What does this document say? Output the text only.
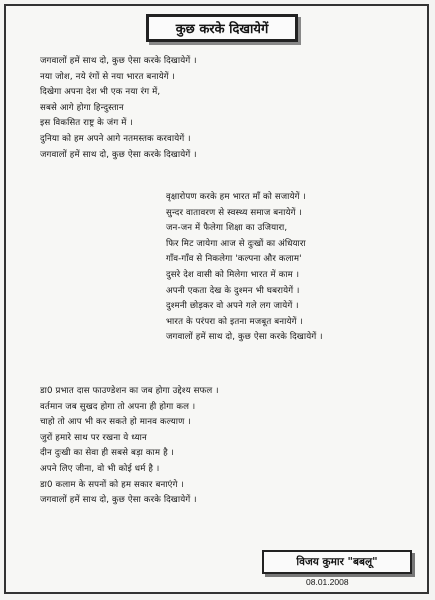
कुछ करके दिखायेगें
जगवालों हमें साथ दो, कुछ ऐसा करके दिखायेगें ।
नया जोश, नये रंगों से नया भारत बनायेगें ।
दिखेगा अपना देश भी एक नया रंग में,
सबसे आगे होगा हिन्दुस्तान
इस विकसित राष्ट्र के जंग में ।
दुनिया को हम अपने आगे नतमस्तक करवायेगें ।
जगवालों हमें साथ दो, कुछ ऐसा करके दिखायेगें ।
वृक्षारोपण करके हम भारत माँ को सजायेगें ।
सुन्दर वातावरण से स्वस्थ्य समाज बनायेगें ।
जन-जन में फैलेगा शिक्षा का उजियारा,
फिर मिट जायेगा आज से दुःखों का अंधियारा
गाँव-गाँव से निकलेगा 'कल्पना और कलाम'
दुसरे देश वासी को मिलेगा भारत में काम ।
अपनी एकता देख के दुश्मन भी घबरायेगें ।
दुश्मनी छोड़कर वो अपने गले लग जायेगें ।
भारत के परंपरा को इतना मजबूत बनायेगें ।
जगवालों हमें साथ दो, कुछ ऐसा करके दिखायेगें ।
डा0 प्रभात दास फाउण्डेशन का जब होगा उद्देश्य सफल ।
वर्तमान जब सुखद होगा तो अपना ही होगा कल ।
चाहो तो आप भी कर सकते हो मानव कल्याण ।
जुरों हमारे साथ पर रखना ये ध्यान
दीन दुःखी का सेवा ही सबसे बड़ा काम है ।
अपने लिए जीना, वो भी कोई धर्म है ।
डा0 कलाम के सपनों को हम सकार बनाएंगे ।
जगवालों हमें साथ दो, कुछ ऐसा करके दिखायेगें ।
विजय कुमार "बबलू"
08.01.2008
